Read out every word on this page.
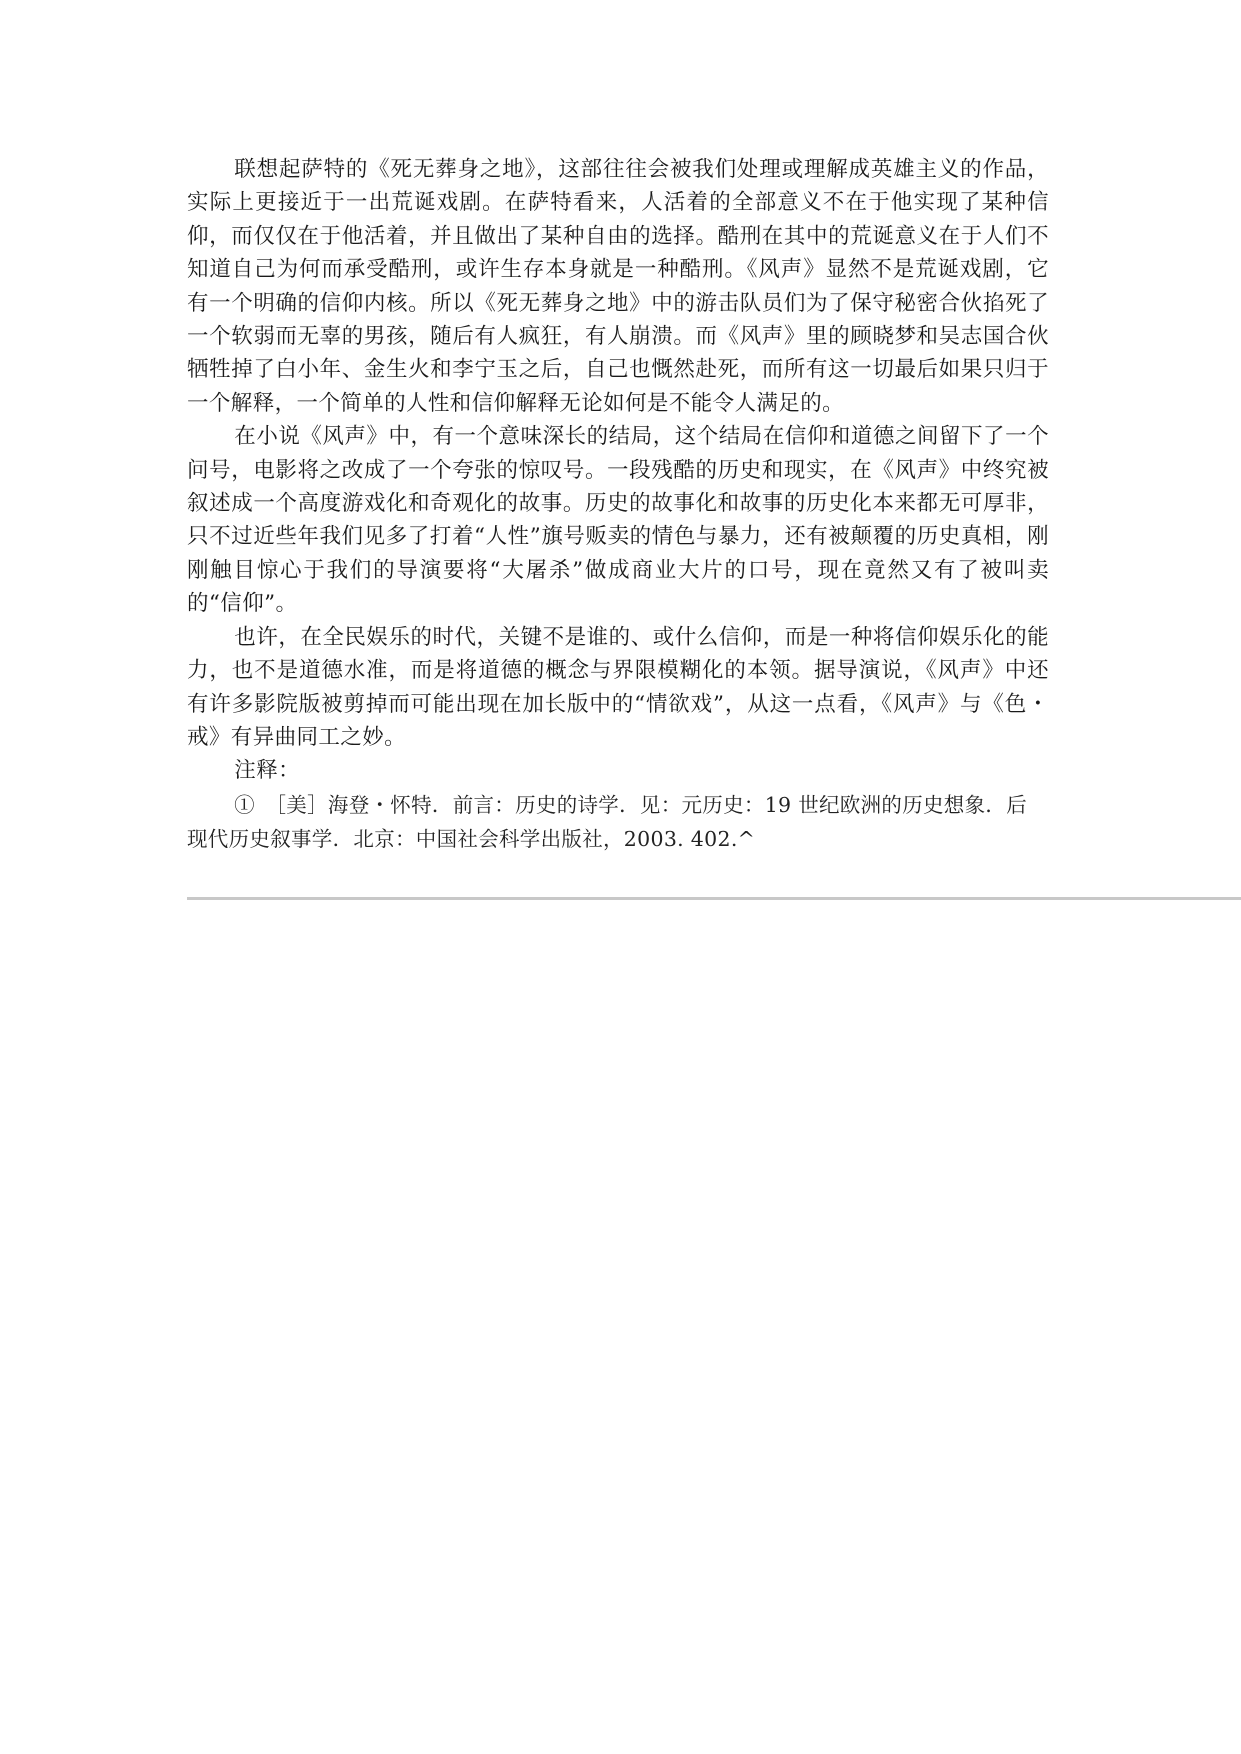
联想起萨特的《死无葬身之地》，这部往往会被我们处理或理解成英雄主义的作品，实际上更接近于一出荒诞戏剧。在萨特看来，人活着的全部意义不在于他实现了某种信仰，而仅仅在于他活着，并且做出了某种自由的选择。酷刑在其中的荒诞意义在于人们不知道自己为何而承受酷刑，或许生存本身就是一种酷刑。《风声》显然不是荒诞戏剧，它有一个明确的信仰内核。所以《死无葬身之地》中的游击队员们为了保守秘密合伙掐死了一个软弱而无辜的男孩，随后有人疯狂，有人崩溃。而《风声》里的顾晓梦和吴志国合伙牺牲掉了白小年、金生火和李宁玉之后，自己也慨然赴死，而所有这一切最后如果只归于一个解释，一个简单的人性和信仰解释无论如何是不能令人满足的。

在小说《风声》中，有一个意味深长的结局，这个结局在信仰和道德之间留下了一个问号，电影将之改成了一个夸张的惊叹号。一段残酷的历史和现实，在《风声》中终究被叙述成一个高度游戏化和奇观化的故事。历史的故事化和故事的历史化本来都无可厚非，只不过近些年我们见多了打着“人性”旗号贩卖的情色与暴力，还有被颠覆的历史真相，刚刚触目惊心于我们的导演要将“大屠杀”做成商业大片的口号，现在竟然又有了被叫卖的“信仰”。

也许，在全民娱乐的时代，关键不是谁的、或什么信仰，而是一种将信仰娱乐化的能力，也不是道德水准，而是将道德的概念与界限模糊化的本领。据导演说，《风声》中还有许多影院版被剪掉而可能出现在加长版中的“情欲戏”，从这一点看，《风声》与《色・戒》有异曲同工之妙。

注释：

①　［美］海登・怀特．前言：历史的诗学．见：元历史：19 世纪欧洲的历史想象．后现代历史叙事学．北京：中国社会科学出版社，2003. 402.^
